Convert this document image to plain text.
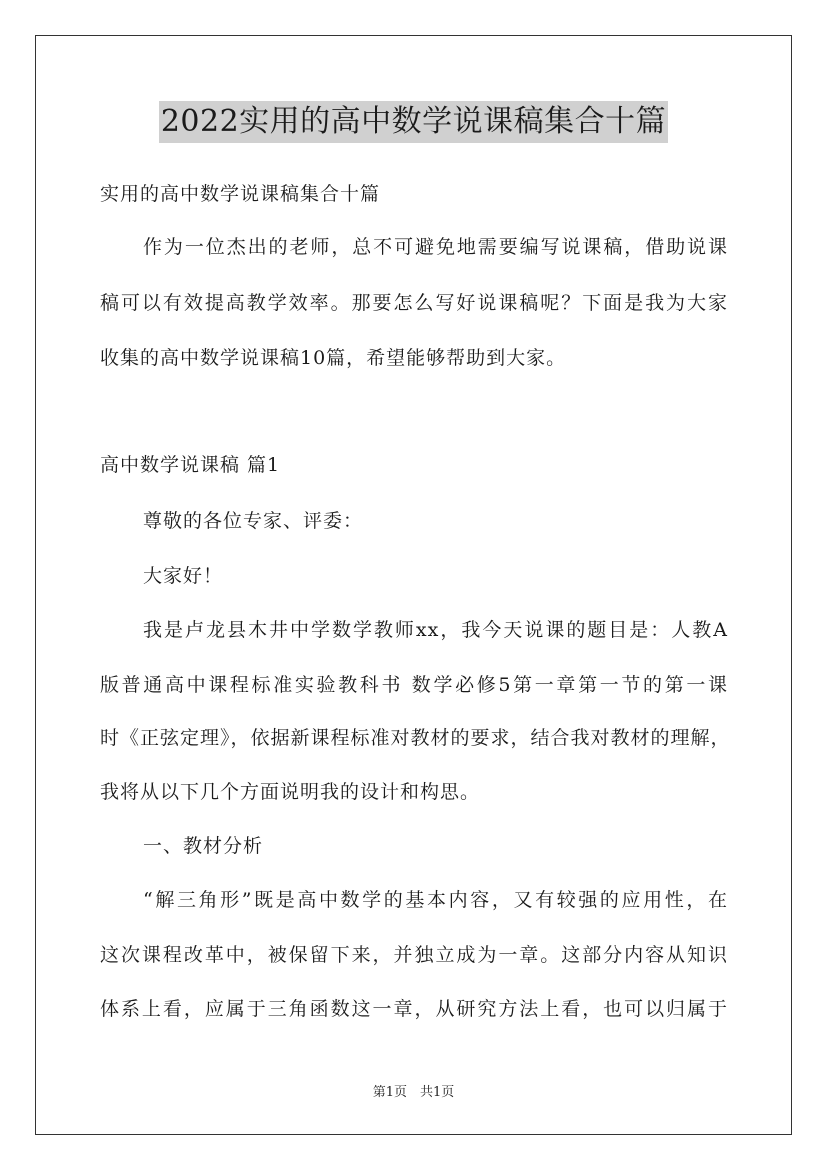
2022实用的高中数学说课稿集合十篇

实用的高中数学说课稿集合十篇

作为一位杰出的老师，总不可避免地需要编写说课稿，借助说课

稿可以有效提高教学效率。那要怎么写好说课稿呢？下面是我为大家

收集的高中数学说课稿10篇，希望能够帮助到大家。

高中数学说课稿 篇1

尊敬的各位专家、评委：

大家好！

我是卢龙县木井中学数学教师xx，我今天说课的题目是：人教A

版普通高中课程标准实验教科书 数学必修5第一章第一节的第一课

时《正弦定理》，依据新课程标准对教材的要求，结合我对教材的理解，

我将从以下几个方面说明我的设计和构思。

一、教材分析

“解三角形”既是高中数学的基本内容，又有较强的应用性，在

这次课程改革中，被保留下来，并独立成为一章。这部分内容从知识

体系上看，应属于三角函数这一章，从研究方法上看，也可以归属于

第1页　共1页
